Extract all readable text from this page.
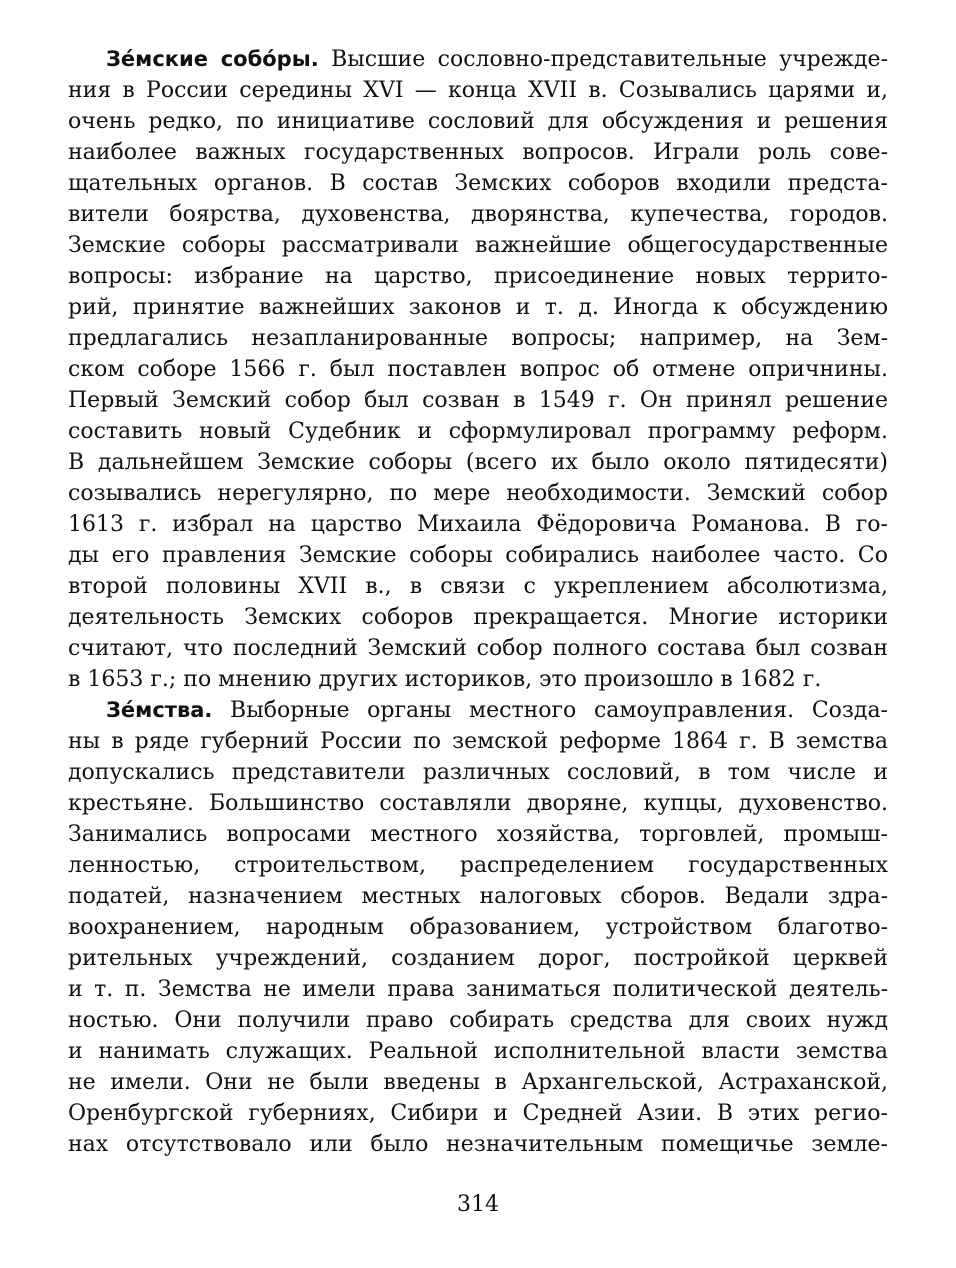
Зе́мские собо́ры. Высшие сословно-представительные учрежде-
ния в России середины XVI — конца XVII в. Созывались царями и,
очень редко, по инициативе сословий для обсуждения и решения
наиболее важных государственных вопросов. Играли роль сове-
щательных органов. В состав Земских соборов входили предста-
вители боярства, духовенства, дворянства, купечества, городов.
Земские соборы рассматривали важнейшие общегосударственные
вопросы: избрание на царство, присоединение новых террито-
рий, принятие важнейших законов и т. д. Иногда к обсуждению
предлагались незапланированные вопросы; например, на Зем-
ском соборе 1566 г. был поставлен вопрос об отмене опричнины.
Первый Земский собор был созван в 1549 г. Он принял решение
составить новый Судебник и сформулировал программу реформ.
В дальнейшем Земские соборы (всего их было около пятидесяти)
созывались нерегулярно, по мере необходимости. Земский собор
1613 г. избрал на царство Михаила Фёдоровича Романова. В го-
ды его правления Земские соборы собирались наиболее часто. Со
второй половины XVII в., в связи с укреплением абсолютизма,
деятельность Земских соборов прекращается. Многие историки
считают, что последний Земский собор полного состава был созван
в 1653 г.; по мнению других историков, это произошло в 1682 г.
Зе́мства. Выборные органы местного самоуправления. Созда-
ны в ряде губерний России по земской реформе 1864 г. В земства
допускались представители различных сословий, в том числе и
крестьяне. Большинство составляли дворяне, купцы, духовенство.
Занимались вопросами местного хозяйства, торговлей, промыш-
ленностью, строительством, распределением государственных
податей, назначением местных налоговых сборов. Ведали здра-
воохранением, народным образованием, устройством благотво-
рительных учреждений, созданием дорог, постройкой церквей
и т. п. Земства не имели права заниматься политической деятель-
ностью. Они получили право собирать средства для своих нужд
и нанимать служащих. Реальной исполнительной власти земства
не имели. Они не были введены в Архангельской, Астраханской,
Оренбургской губерниях, Сибири и Средней Азии. В этих регио-
нах отсутствовало или было незначительным помещичье земле-
314
